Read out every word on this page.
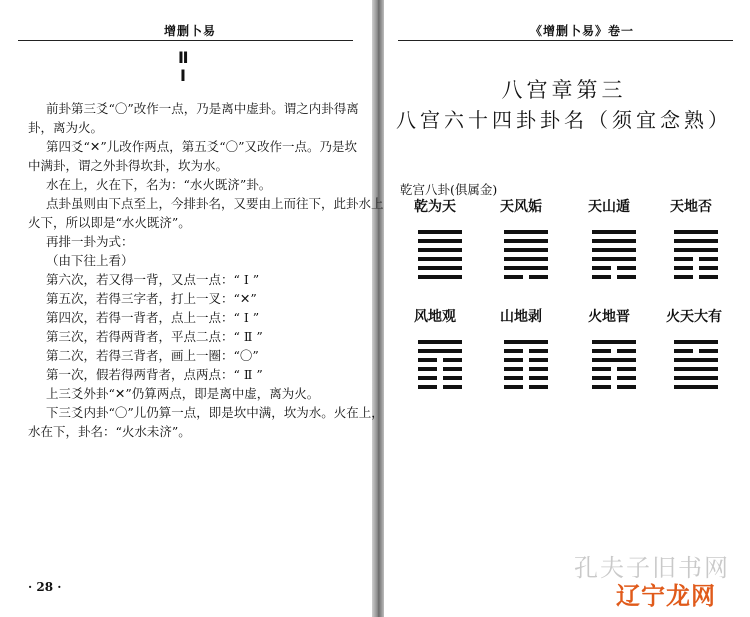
增删卜易
Ⅱ
Ⅰ
前卦第三爻“〇”改作一点，乃是离中虚卦。谓之内卦得离
卦，离为火。
第四爻“✕”儿改作两点，第五爻“〇”又改作一点。乃是坎
中满卦，谓之外卦得坎卦，坎为水。
水在上，火在下，名为：“水火既济”卦。
点卦虽则由下点至上，今排卦名，又要由上而往下，此卦水上
火下，所以即是“水火既济”。
再排一卦为式：
（由下往上看）
第六次，若又得一背，又点一点：“ Ⅰ ”
第五次，若得三字者，打上一叉：“✕”
第四次，若得一背者，点上一点：“ Ⅰ ”
第三次，若得两背者，平点二点：“ Ⅱ ”
第二次，若得三背者，画上一圈：“〇”
第一次，假若得两背者，点两点：“ Ⅱ ”
上三爻外卦“✕”仍算两点，即是离中虚，离为火。
下三爻内卦“〇”儿仍算一点，即是坎中满，坎为水。火在上，
水在下，卦名：“火水未济”。
· 28 ·
《增删卜易》卷一
八宫章第三
八宫六十四卦卦名（须宜念熟）
乾宫八卦(俱属金)
乾为天	天风姤	天山遁	天地否
风地观	山地剥	火地晋	火天大有
孔夫子旧书网
辽宁龙网
